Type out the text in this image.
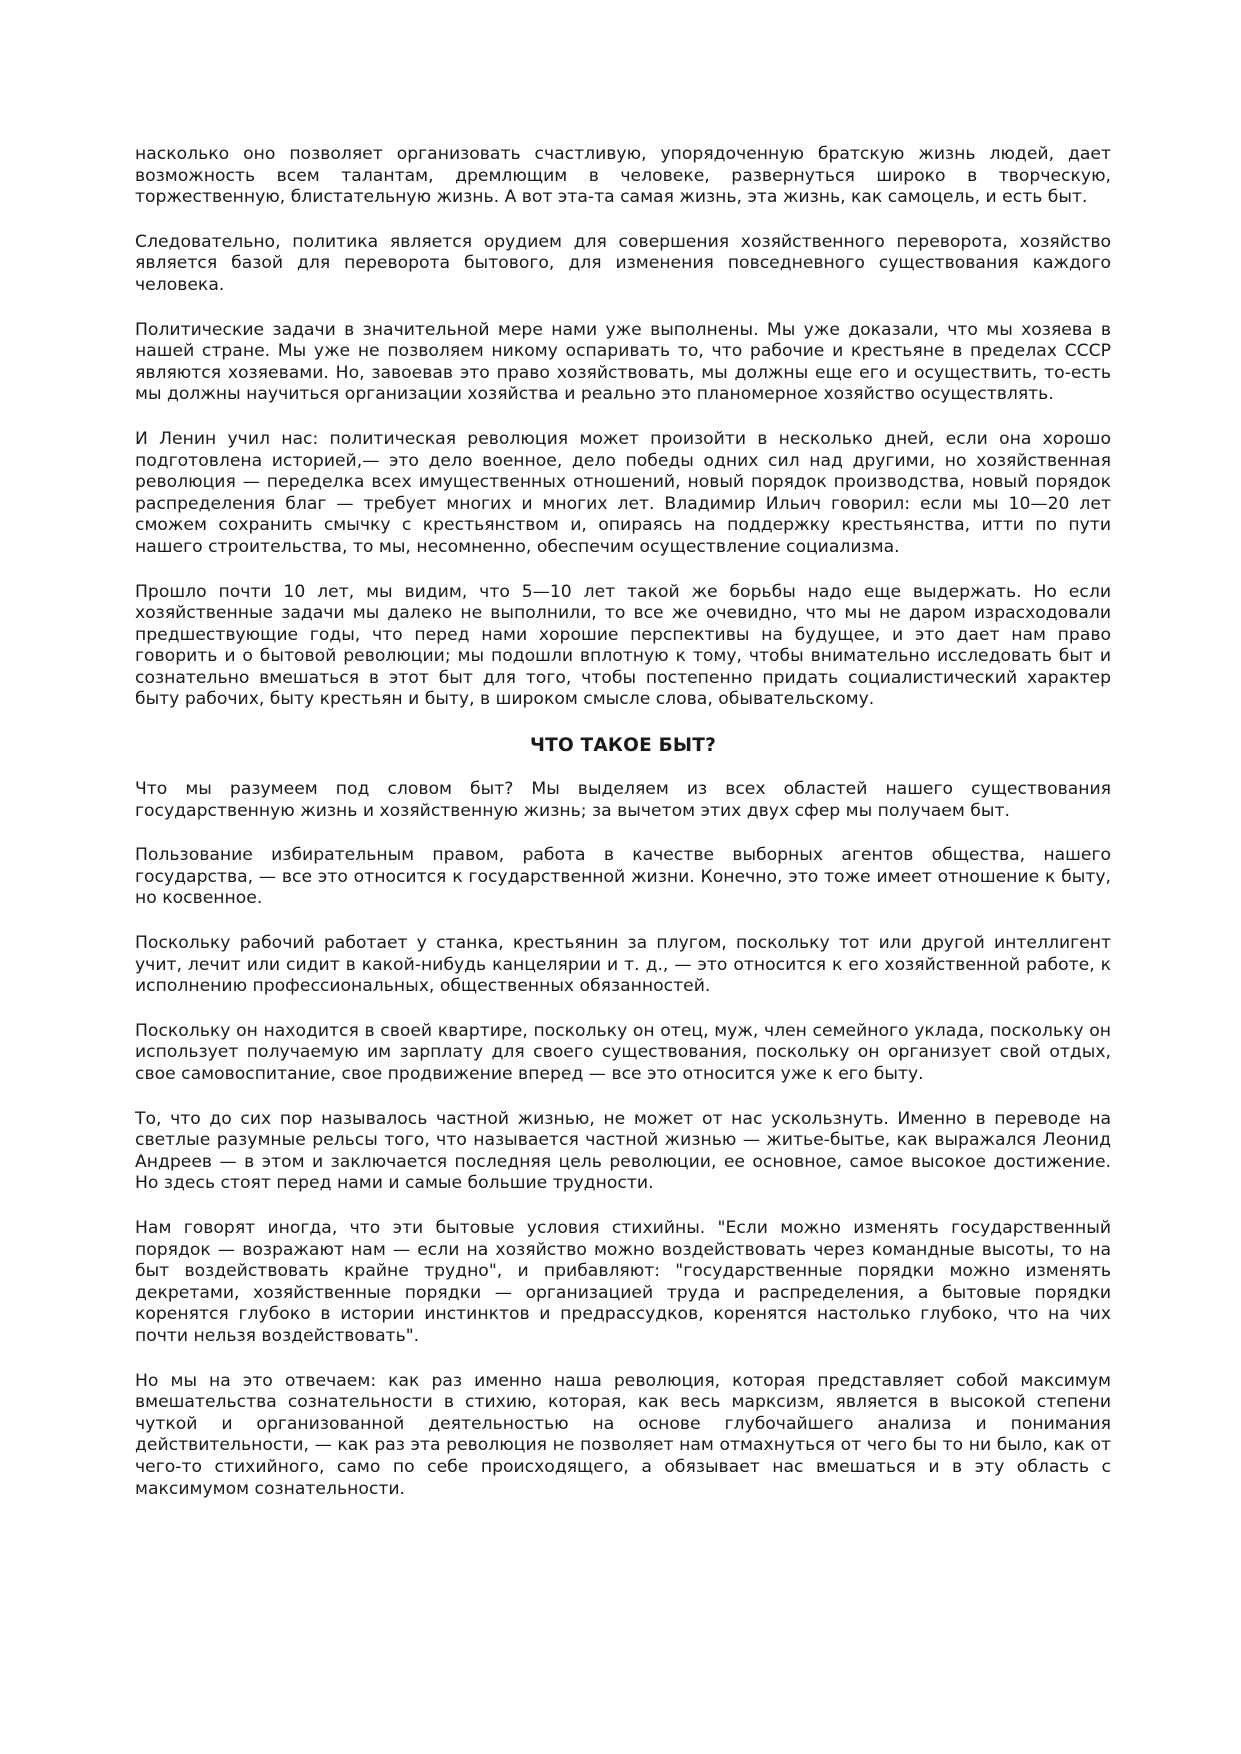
насколько оно позволяет организовать счастливую, упорядоченную братскую жизнь людей, дает возможность всем талантам, дремлющим в человеке, развернуться широко в творческую, торжественную, блистательную жизнь. А вот эта-та самая жизнь, эта жизнь, как самоцель, и есть быт.

Следовательно, политика является орудием для совершения хозяйственного переворота, хозяйство является базой для переворота бытового, для изменения повседневного существования каждого человека.

Политические задачи в значительной мере нами уже выполнены. Мы уже доказали, что мы хозяева в нашей стране. Мы уже не позволяем никому оспаривать то, что рабочие и крестьяне в пределах СССР являются хозяевами. Но, завоевав это право хозяйствовать, мы должны еще его и осуществить, то-есть мы должны научиться организации хозяйства и реально это планомерное хозяйство осуществлять.

И Ленин учил нас: политическая революция может произойти в несколько дней, если она хорошо подготовлена историей,— это дело военное, дело победы одних сил над другими, но хозяйственная революция — переделка всех имущественных отношений, новый порядок производства, новый порядок распределения благ — требует многих и многих лет. Владимир Ильич говорил: если мы 10—20 лет сможем сохранить смычку с крестьянством и, опираясь на поддержку крестьянства, итти по пути нашего строительства, то мы, несомненно, обеспечим осуществление социализма.

Прошло почти 10 лет, мы видим, что 5—10 лет такой же борьбы надо еще выдержать. Но если хозяйственные задачи мы далеко не выполнили, то все же очевидно, что мы не даром израсходовали предшествующие годы, что перед нами хорошие перспективы на будущее, и это дает нам право говорить и о бытовой революции; мы подошли вплотную к тому, чтобы внимательно исследовать быт и сознательно вмешаться в этот быт для того, чтобы постепенно придать социалистический характер быту рабочих, быту крестьян и быту, в широком смысле слова, обывательскому.

ЧТО ТАКОЕ БЫТ?

Что мы разумеем под словом быт? Мы выделяем из всех областей нашего существования государственную жизнь и хозяйственную жизнь; за вычетом этих двух сфер мы получаем быт.

Пользование избирательным правом, работа в качестве выборных агентов общества, нашего государства, — все это относится к государственной жизни. Конечно, это тоже имеет отношение к быту, но косвенное.

Поскольку рабочий работает у станка, крестьянин за плугом, поскольку тот или другой интеллигент учит, лечит или сидит в какой-нибудь канцелярии и т. д., — это относится к его хозяйственной работе, к исполнению профессиональных, общественных обязанностей.

Поскольку он находится в своей квартире, поскольку он отец, муж, член семейного уклада, поскольку он использует получаемую им зарплату для своего существования, поскольку он организует свой отдых, свое самовоспитание, свое продвижение вперед — все это относится уже к его быту.

То, что до сих пор называлось частной жизнью, не может от нас ускользнуть. Именно в переводе на светлые разумные рельсы того, что называется частной жизнью — житье-бытье, как выражался Леонид Андреев — в этом и заключается последняя цель революции, ее основное, самое высокое достижение. Но здесь стоят перед нами и самые большие трудности.

Нам говорят иногда, что эти бытовые условия стихийны. "Если можно изменять государственный порядок — возражают нам — если на хозяйство можно воздействовать через командные высоты, то на быт воздействовать крайне трудно", и прибавляют: "государственные порядки можно изменять декретами, хозяйственные порядки — организацией труда и распределения, а бытовые порядки коренятся глубоко в истории инстинктов и предрассудков, коренятся настолько глубоко, что на чих почти нельзя воздействовать".

Но мы на это отвечаем: как раз именно наша революция, которая представляет собой максимум вмешательства сознательности в стихию, которая, как весь марксизм, является в высокой степени чуткой и организованной деятельностью на основе глубочайшего анализа и понимания действительности, — как раз эта революция не позволяет нам отмахнуться от чего бы то ни было, как от чего-то стихийного, само по себе происходящего, а обязывает нас вмешаться и в эту область с максимумом сознательности.
